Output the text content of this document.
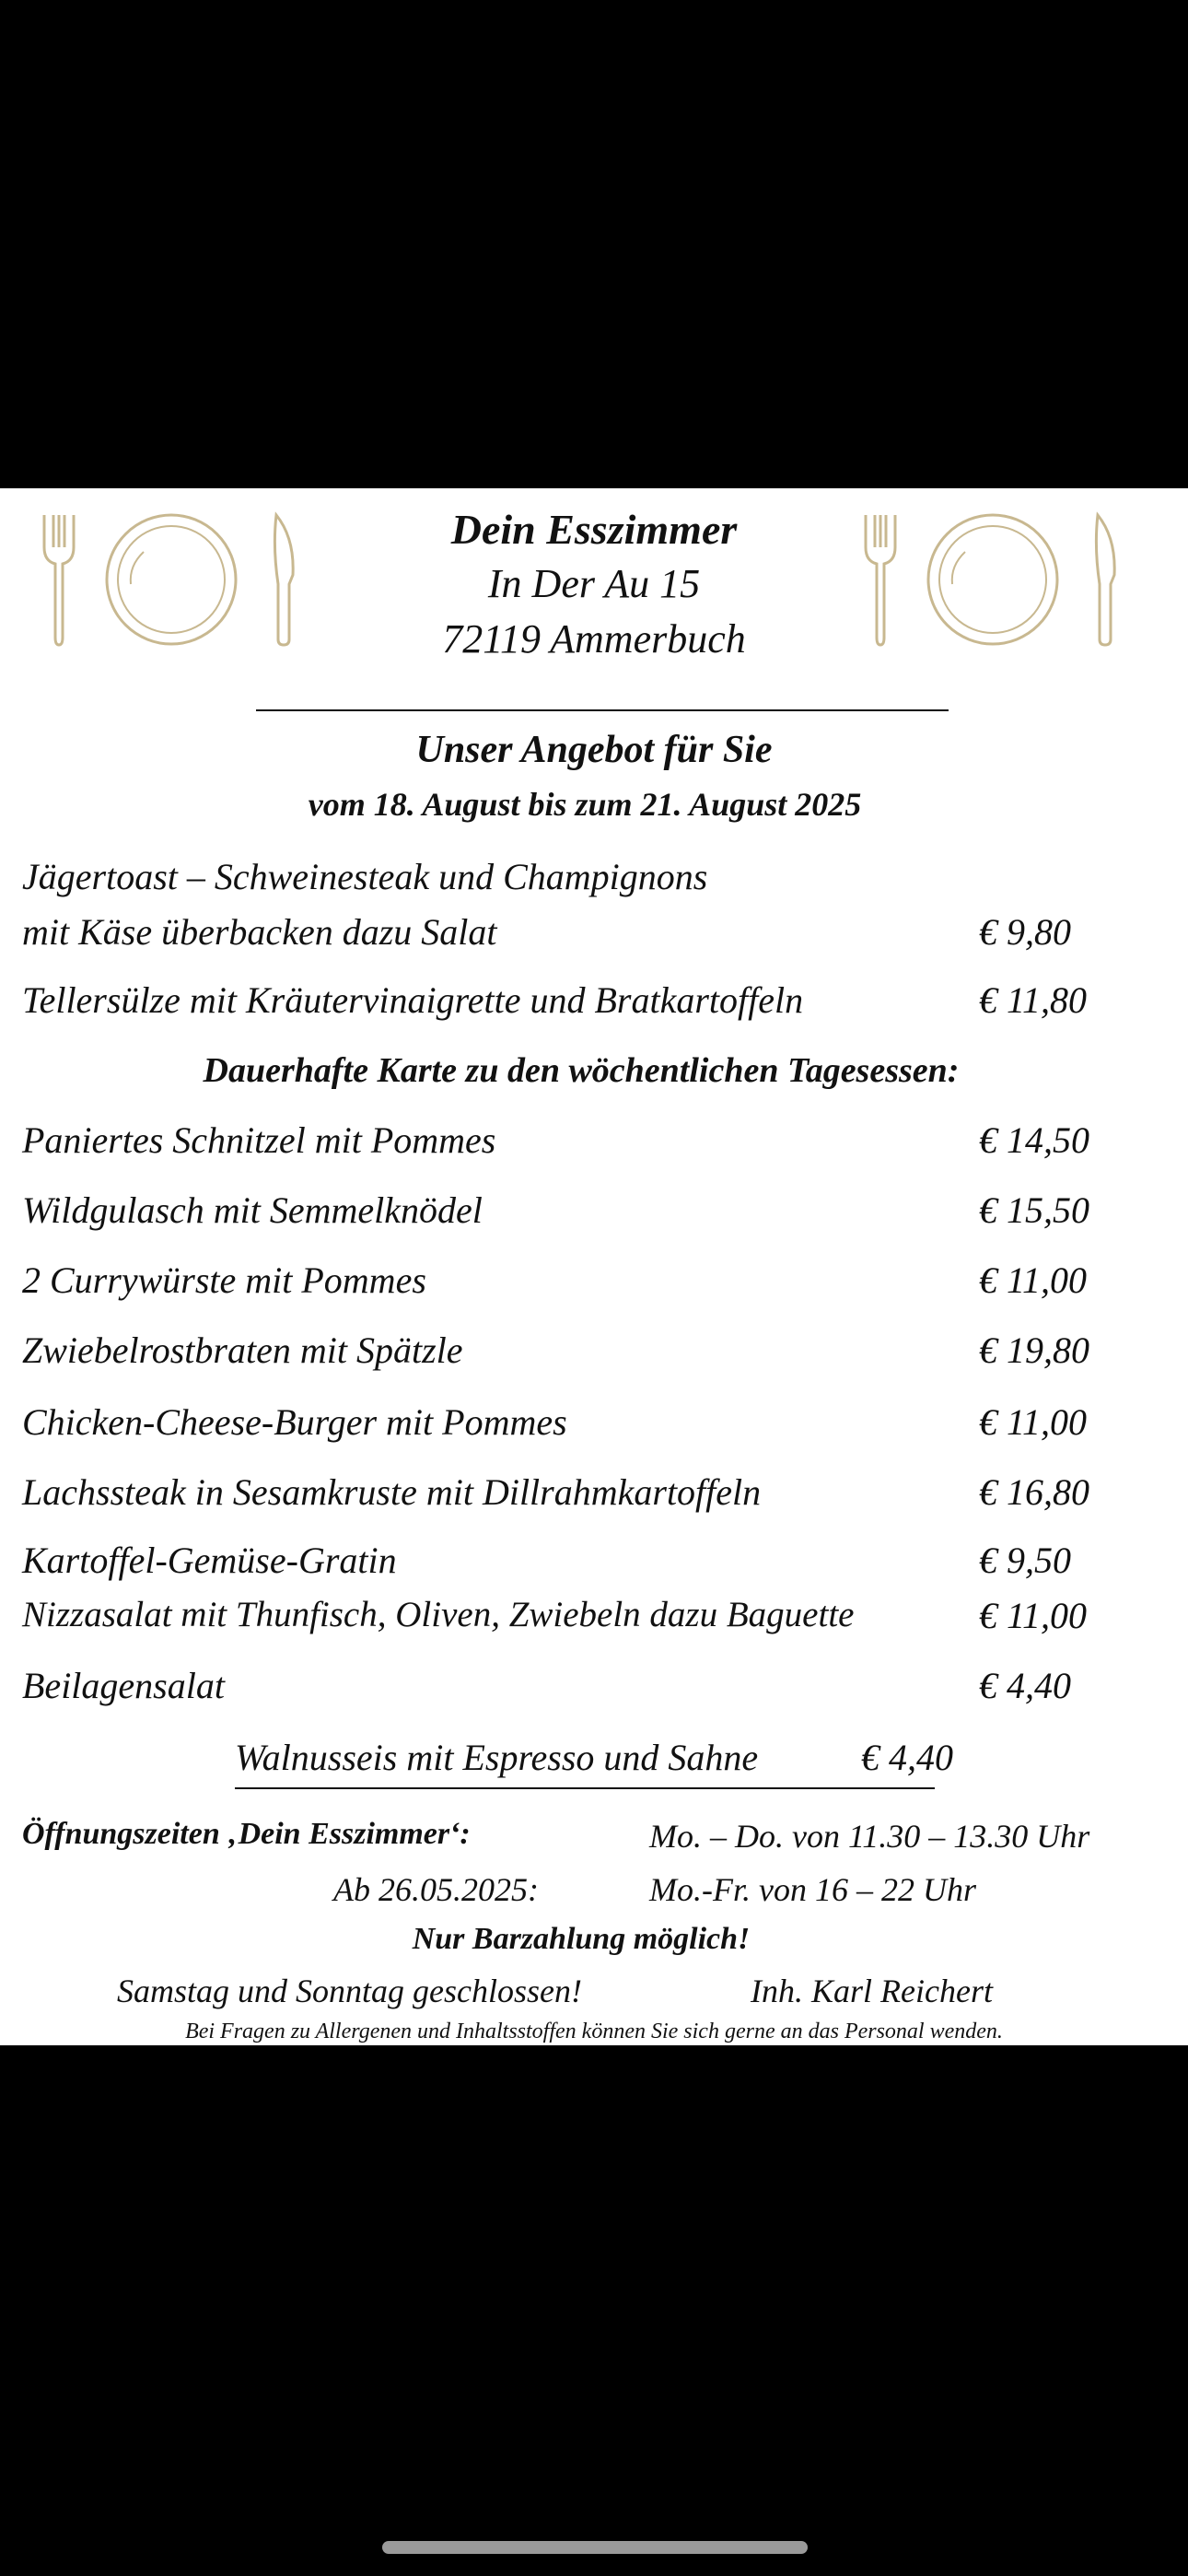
Dein Esszimmer
In Der Au 15
72119 Ammerbuch
Unser Angebot für Sie
vom 18. August bis zum 21. August 2025
Jägertoast – Schweinesteak und Champignons
mit Käse überbacken dazu Salat	€ 9,80
Tellersülze mit Kräutervinaigrette und Bratkartoffeln	€ 11,80
Dauerhafte Karte zu den wöchentlichen Tagesessen:
Paniertes Schnitzel mit Pommes	€ 14,50
Wildgulasch mit Semmelknödel	€ 15,50
2 Currywürste mit Pommes	€ 11,00
Zwiebelrostbraten mit Spätzle	€ 19,80
Chicken-Cheese-Burger mit Pommes	€ 11,00
Lachssteak in Sesamkruste mit Dillrahmkartoffeln	€ 16,80
Kartoffel-Gemüse-Gratin	€ 9,50
Nizzasalat mit Thunfisch, Oliven, Zwiebeln dazu Baguette	€ 11,00
Beilagensalat	€ 4,40
Walnusseis mit Espresso und Sahne	€ 4,40
Öffnungszeiten ‚Dein Esszimmer‘:	Mo. – Do. von 11.30 – 13.30 Uhr
Ab 26.05.2025:	Mo.-Fr. von 16 – 22 Uhr
Nur Barzahlung möglich!
Samstag und Sonntag geschlossen!	Inh. Karl Reichert
Bei Fragen zu Allergenen und Inhaltsstoffen können Sie sich gerne an das Personal wenden.
